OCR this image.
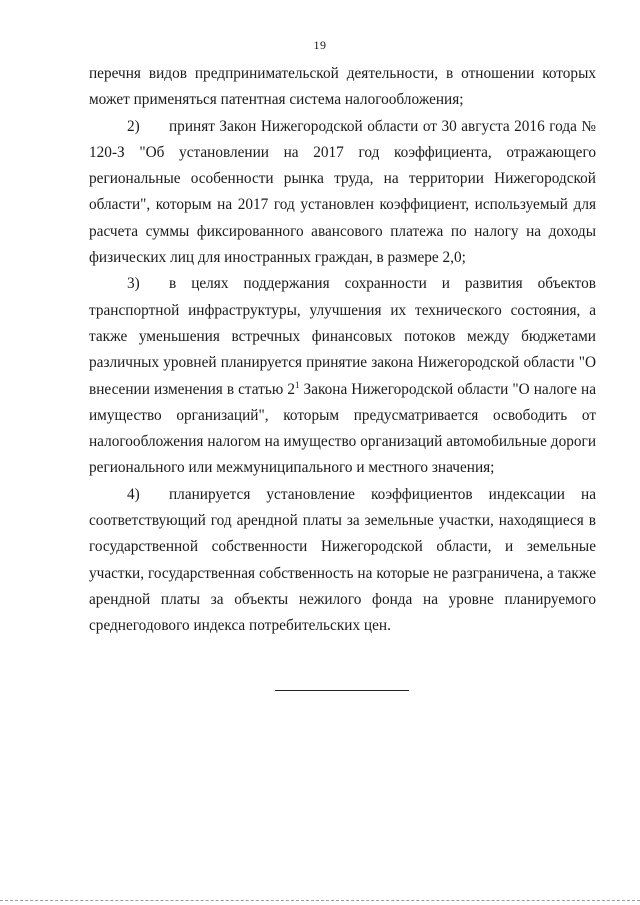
19

перечня видов предпринимательской деятельности, в отношении которых может применяться патентная система налогообложения;

2) принят Закон Нижегородской области от 30 августа 2016 года № 120-З "Об установлении на 2017 год коэффициента, отражающего региональные особенности рынка труда, на территории Нижегородской области", которым на 2017 год установлен коэффициент, используемый для расчета суммы фиксированного авансового платежа по налогу на доходы физических лиц для иностранных граждан, в размере 2,0;

3) в целях поддержания сохранности и развития объектов транспортной инфраструктуры, улучшения их технического состояния, а также уменьшения встречных финансовых потоков между бюджетами различных уровней планируется принятие закона Нижегородской области "О внесении изменения в статью $2^1$ Закона Нижегородской области "О налоге на имущество организаций", которым предусматривается освободить от налогообложения налогом на имущество организаций автомобильные дороги регионального или межмуниципального и местного значения;

4) планируется установление коэффициентов индексации на соответствующий год арендной платы за земельные участки, находящиеся в государственной собственности Нижегородской области, и земельные участки, государственная собственность на которые не разграничена, а также арендной платы за объекты нежилого фонда на уровне планируемого среднегодового индекса потребительских цен.
